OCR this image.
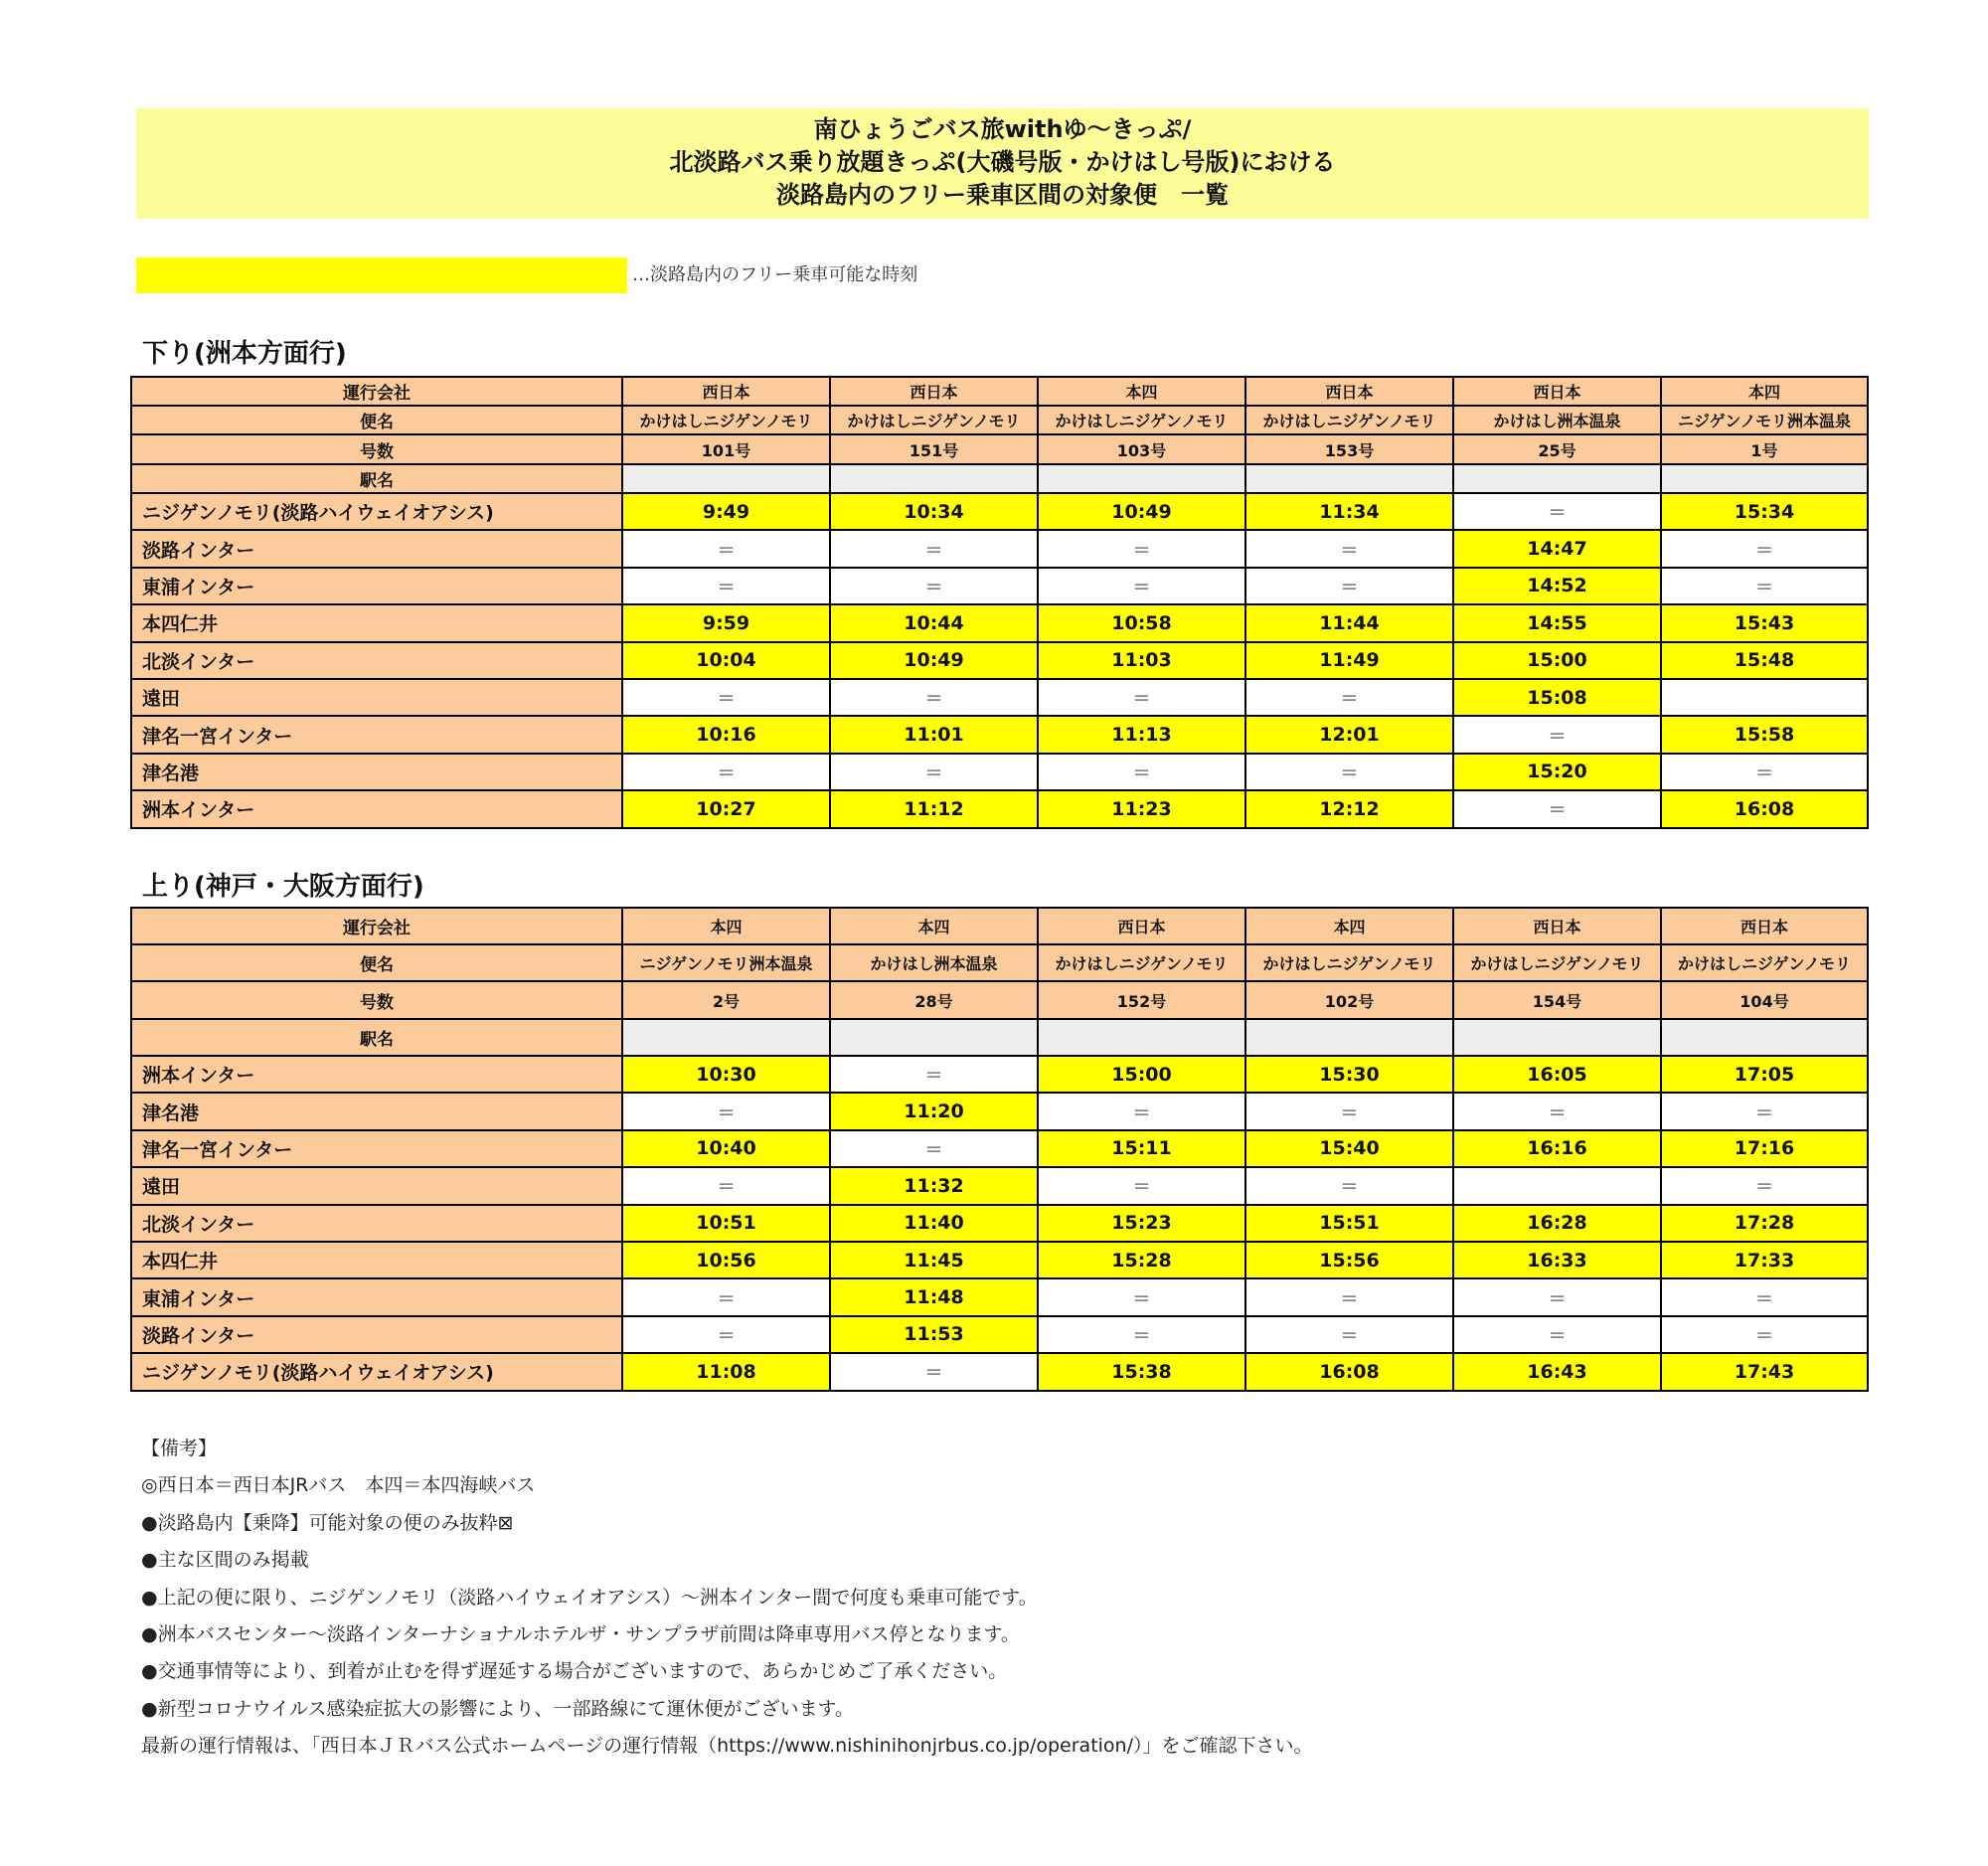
南ひょうごバス旅withゆ〜きっぷ/
北淡路バス乗り放題きっぷ(大磯号版・かけはし号版)における
淡路島内のフリー乗車区間の対象便　一覧
…淡路島内のフリー乗車可能な時刻
下り(洲本方面行)
運行会社	西日本	西日本	本四	西日本	西日本	本四
便名	かけはしニジゲンノモリ	かけはしニジゲンノモリ	かけはしニジゲンノモリ	かけはしニジゲンノモリ	かけはし洲本温泉	ニジゲンノモリ洲本温泉
号数	101号	151号	103号	153号	25号	1号
駅名						
ニジゲンノモリ(淡路ハイウェイオアシス)	9:49	10:34	10:49	11:34	＝	15:34
淡路インター	＝	＝	＝	＝	14:47	＝
東浦インター	＝	＝	＝	＝	14:52	＝
本四仁井	9:59	10:44	10:58	11:44	14:55	15:43
北淡インター	10:04	10:49	11:03	11:49	15:00	15:48
遠田	＝	＝	＝	＝	15:08	
津名一宮インター	10:16	11:01	11:13	12:01	＝	15:58
津名港	＝	＝	＝	＝	15:20	＝
洲本インター	10:27	11:12	11:23	12:12	＝	16:08
上り(神戸・大阪方面行)
運行会社	本四	本四	西日本	本四	西日本	西日本
便名	ニジゲンノモリ洲本温泉	かけはし洲本温泉	かけはしニジゲンノモリ	かけはしニジゲンノモリ	かけはしニジゲンノモリ	かけはしニジゲンノモリ
号数	2号	28号	152号	102号	154号	104号
駅名						
洲本インター	10:30	＝	15:00	15:30	16:05	17:05
津名港	＝	11:20	＝	＝	＝	＝
津名一宮インター	10:40	＝	15:11	15:40	16:16	17:16
遠田	＝	11:32	＝	＝		＝
北淡インター	10:51	11:40	15:23	15:51	16:28	17:28
本四仁井	10:56	11:45	15:28	15:56	16:33	17:33
東浦インター	＝	11:48	＝	＝	＝	＝
淡路インター	＝	11:53	＝	＝	＝	＝
ニジゲンノモリ(淡路ハイウェイオアシス)	11:08	＝	15:38	16:08	16:43	17:43
【備考】
◎西日本＝西日本JRバス　本四＝本四海峡バス
●淡路島内【乗降】可能対象の便のみ抜粋⊠
●主な区間のみ掲載
●上記の便に限り、ニジゲンノモリ（淡路ハイウェイオアシス）〜洲本インター間で何度も乗車可能です。
●洲本バスセンター〜淡路インターナショナルホテルザ・サンプラザ前間は降車専用バス停となります。
●交通事情等により、到着が止むを得ず遅延する場合がございますので、あらかじめご了承ください。
●新型コロナウイルス感染症拡大の影響により、一部路線にて運休便がございます。
最新の運行情報は、「西日本ＪＲバス公式ホームページの運行情報（https://www.nishinihonjrbus.co.jp/operation/）」をご確認下さい。
